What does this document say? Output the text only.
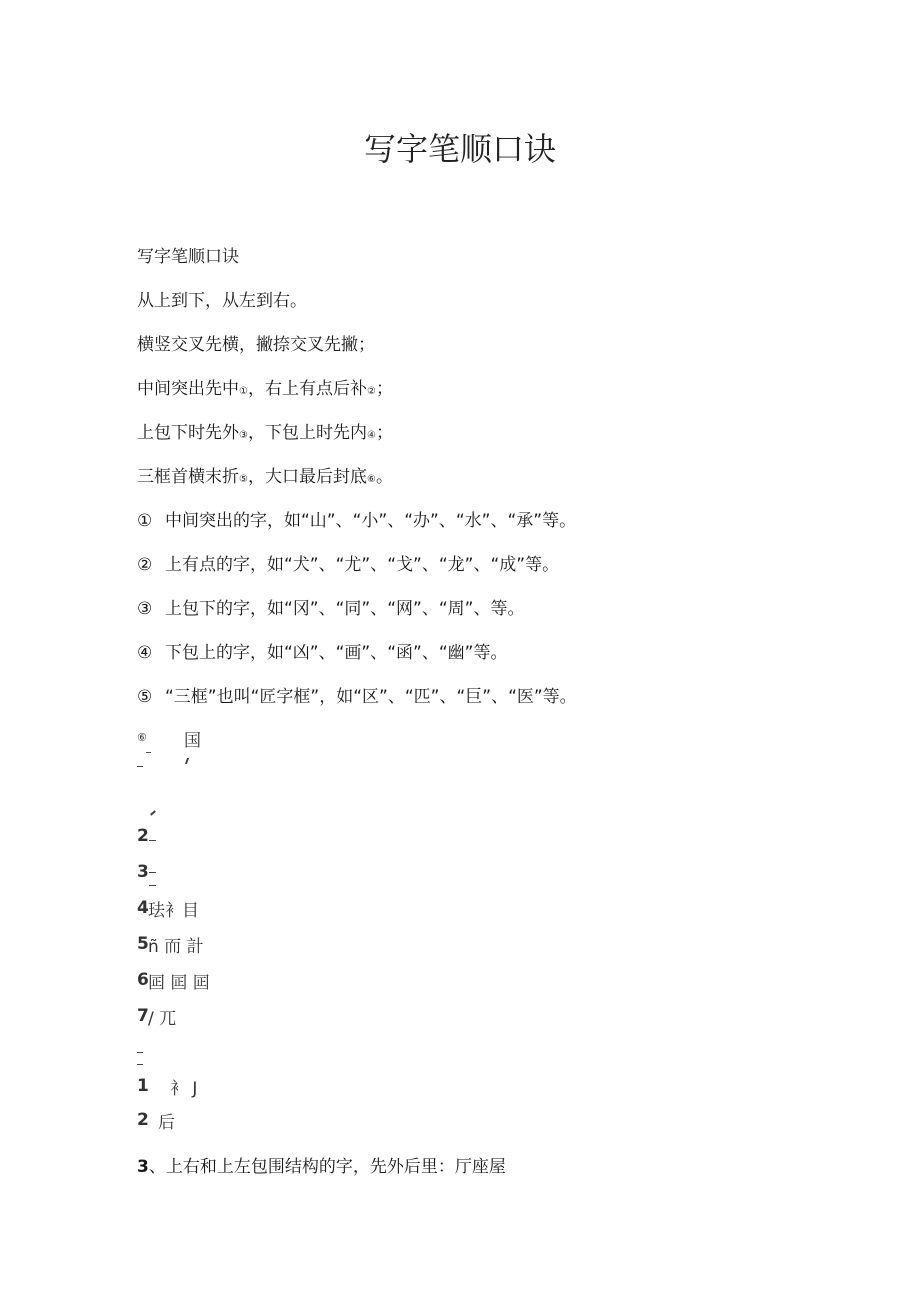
写字笔顺口诀

写字笔顺口诀

从上到下，从左到右。

横竖交叉先横，撇捺交叉先撇；

中间突出先中①，右上有点后补②；

上包下时先外③，下包上时先内④；

三框首横末折⑤，大口最后封底⑥。

① 中间突出的字，如“山”、“小”、“办”、“水”、“承”等。

② 上有点的字，如“犬”、“尤”、“戈”、“龙”、“成”等。

③ 上包下的字，如“冈”、“同”、“网”、“周”、等。

④ 下包上的字，如“凶”、“画”、“函”、“幽”等。

⑤ “三框”也叫“匠字框”，如“区”、“匹”、“巨”、“医”等。

⑥ 国
2
3
4 珐衤目
5 ñ 而 計
6 囸 囸 囸
7 / 兀
1 衤 J
2 后

3、上右和上左包围结构的字，先外后里：厅座屋
